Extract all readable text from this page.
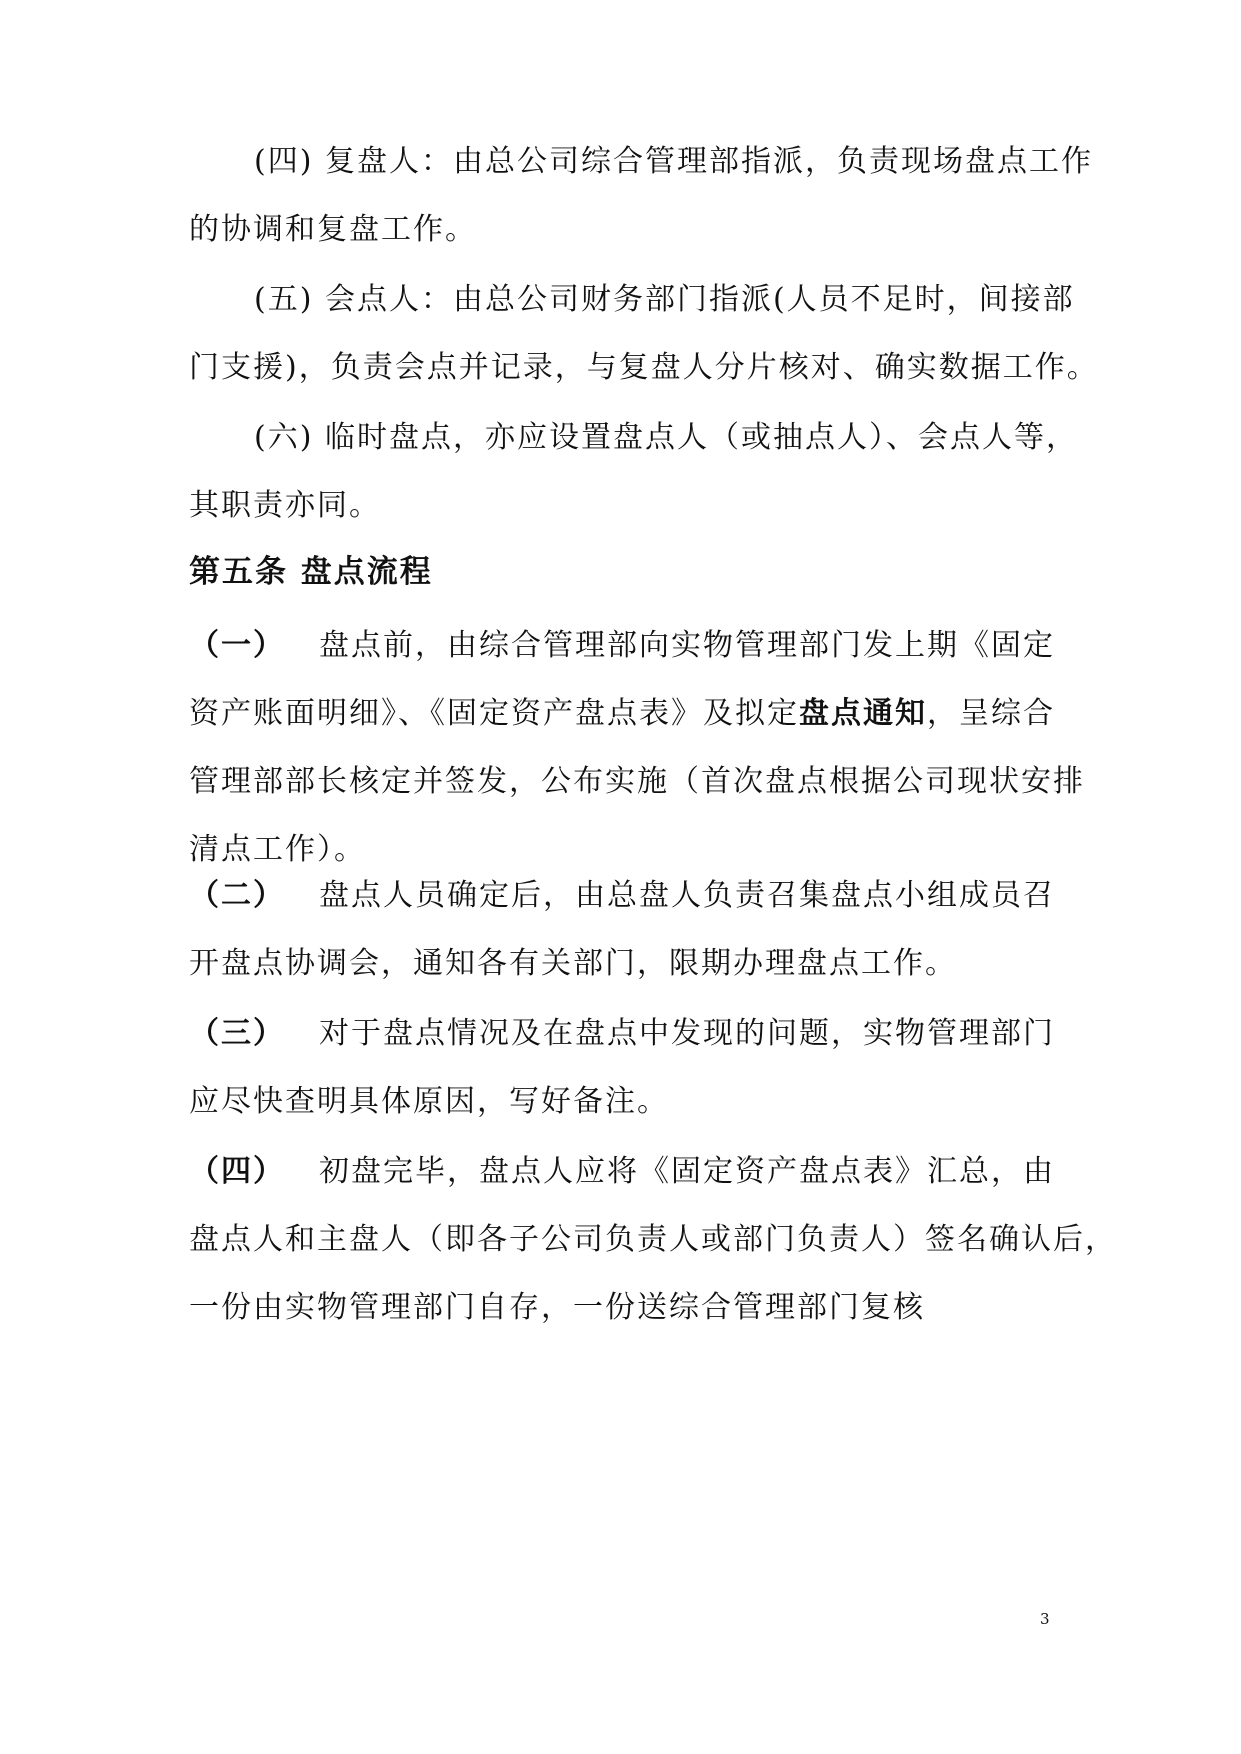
(四) 复盘人：由总公司综合管理部指派，负责现场盘点工作
的协调和复盘工作。
(五) 会点人：由总公司财务部门指派(人员不足时，间接部
门支援)，负责会点并记录，与复盘人分片核对、确实数据工作。
(六) 临时盘点，亦应设置盘点人（或抽点人）、会点人等，
其职责亦同。
第五条 盘点流程
（一） 盘点前，由综合管理部向实物管理部门发上期《固定
资产账面明细》、《固定资产盘点表》及拟定盘点通知，呈综合
管理部部长核定并签发，公布实施（首次盘点根据公司现状安排
清点工作）。
（二） 盘点人员确定后，由总盘人负责召集盘点小组成员召
开盘点协调会，通知各有关部门，限期办理盘点工作。
（三） 对于盘点情况及在盘点中发现的问题，实物管理部门
应尽快查明具体原因，写好备注。
（四） 初盘完毕，盘点人应将《固定资产盘点表》汇总，由
盘点人和主盘人（即各子公司负责人或部门负责人）签名确认后，
一份由实物管理部门自存，一份送综合管理部门复核
3
